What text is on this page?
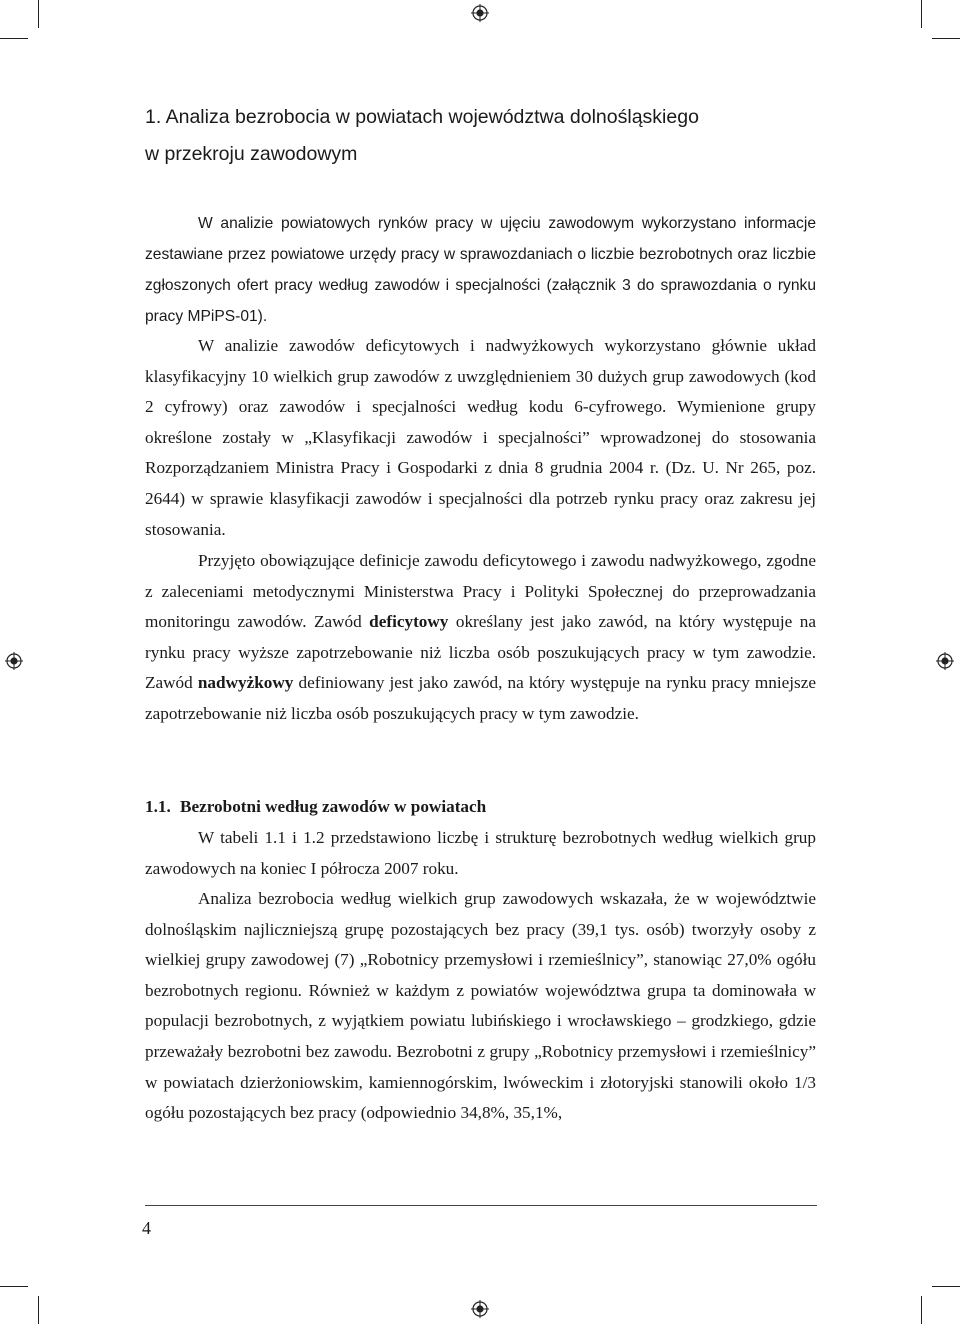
1. Analiza bezrobocia w powiatach województwa dolnośląskiego
w przekroju zawodowym

W analizie powiatowych rynków pracy w ujęciu zawodowym wykorzystano informacje zestawiane przez powiatowe urzędy pracy w sprawozdaniach o liczbie bezrobotnych oraz liczbie zgłoszonych ofert pracy według zawodów i specjalności (załącznik 3 do sprawozdania o rynku pracy MPiPS-01).

W analizie zawodów deficytowych i nadwyżkowych wykorzystano głównie układ klasyfikacyjny 10 wielkich grup zawodów z uwzględnieniem 30 dużych grup zawodowych (kod 2 cyfrowy) oraz zawodów i specjalności według kodu 6-cyfrowego. Wymienione grupy określone zostały w „Klasyfikacji zawodów i specjalności” wprowadzonej do stosowania Rozporządzaniem Ministra Pracy i Gospodarki z dnia 8 grudnia 2004 r. (Dz. U. Nr 265, poz. 2644) w sprawie klasyfikacji zawodów i specjalności dla potrzeb rynku pracy oraz zakresu jej stosowania.

Przyjęto obowiązujące definicje zawodu deficytowego i zawodu nadwyżkowego, zgodne z zaleceniami metodycznymi Ministerstwa Pracy i Polityki Społecznej do przeprowadzania monitoringu zawodów. Zawód deficytowy określany jest jako zawód, na który występuje na rynku pracy wyższe zapotrzebowanie niż liczba osób poszukujących pracy w tym zawodzie. Zawód nadwyżkowy definiowany jest jako zawód, na który występuje na rynku pracy mniejsze zapotrzebowanie niż liczba osób poszukujących pracy w tym zawodzie.

1.1. Bezrobotni według zawodów w powiatach

W tabeli 1.1 i 1.2 przedstawiono liczbę i strukturę bezrobotnych według wielkich grup zawodowych na koniec I półrocza 2007 roku.

Analiza bezrobocia według wielkich grup zawodowych wskazała, że w województwie dolnośląskim najliczniejszą grupę pozostających bez pracy (39,1 tys. osób) tworzyły osoby z wielkiej grupy zawodowej (7) „Robotnicy przemysłowi i rzemieślnicy”, stanowiąc 27,0% ogółu bezrobotnych regionu. Również w każdym z powiatów województwa grupa ta dominowała w populacji bezrobotnych, z wyjątkiem powiatu lubińskiego i wrocławskiego – grodzkiego, gdzie przeważały bezrobotni bez zawodu. Bezrobotni z grupy „Robotnicy przemysłowi i rzemieślnicy” w powiatach dzierżoniowskim, kamiennogórskim, lwóweckim i złotoryjski stanowili około 1/3 ogółu pozostających bez pracy (odpowiednio 34,8%, 35,1%,

4
